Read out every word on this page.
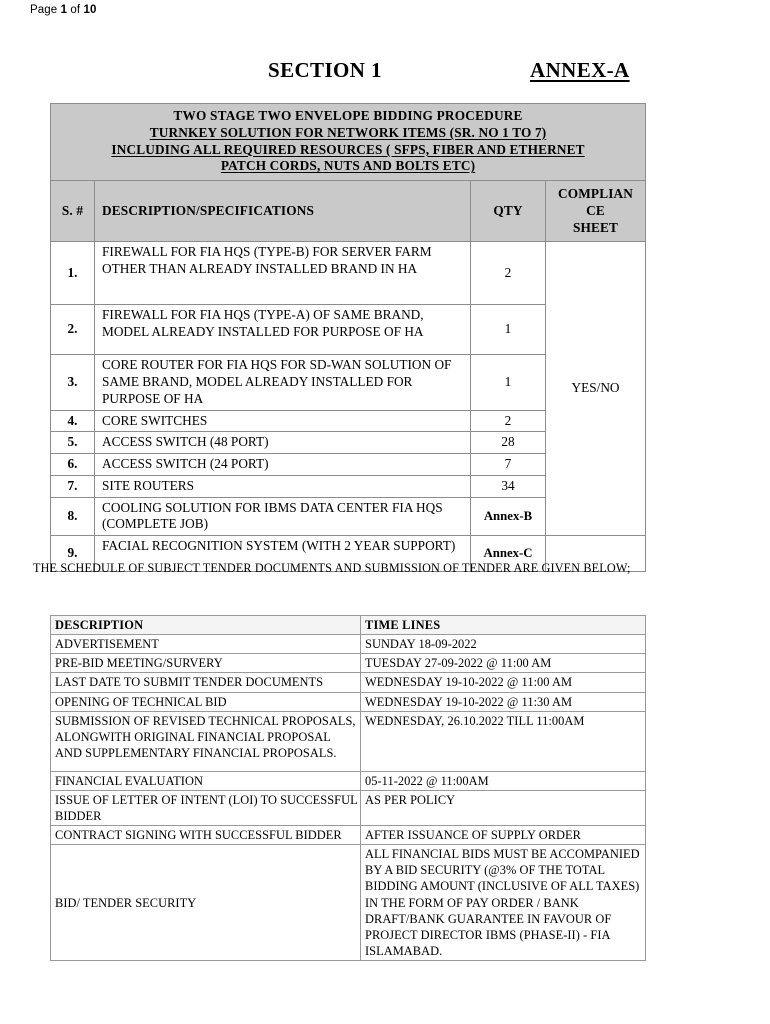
Page 1 of 10
SECTION 1	ANNEX-A
TWO STAGE TWO ENVELOPE BIDDING PROCEDURE
TURNKEY SOLUTION FOR NETWORK ITEMS (SR. NO 1 TO 7)
INCLUDING ALL REQUIRED RESOURCES ( SFPS, FIBER AND ETHERNET
PATCH CORDS, NUTS AND BOLTS ETC)			

S. #	DESCRIPTION/SPECIFICATIONS	QTY	COMPLIAN
CE
SHEET

1.	FIREWALL FOR FIA HQS (TYPE-B) FOR SERVER FARM OTHER THAN ALREADY INSTALLED BRAND IN HA	2	YES/NO
2.	FIREWALL FOR FIA HQS (TYPE-A) OF SAME BRAND, MODEL ALREADY INSTALLED FOR PURPOSE OF HA	1	
3.	CORE ROUTER FOR FIA HQS FOR SD-WAN SOLUTION OF SAME BRAND, MODEL ALREADY INSTALLED FOR PURPOSE OF HA	1	
4.	CORE SWITCHES	2	
5.	ACCESS SWITCH (48 PORT)	28	
6.	ACCESS SWITCH (24 PORT)	7	
7.	SITE ROUTERS	34	
8.	COOLING SOLUTION FOR IBMS DATA CENTER FIA HQS (COMPLETE JOB)	Annex-B	
9.	FACIAL RECOGNITION SYSTEM (WITH 2 YEAR SUPPORT)	Annex-C	
THE SCHEDULE OF SUBJECT TENDER DOCUMENTS AND SUBMISSION OF TENDER ARE GIVEN BELOW;
DESCRIPTION	TIME LINES
ADVERTISEMENT	SUNDAY 18-09-2022
PRE-BID MEETING/SURVERY	TUESDAY 27-09-2022 @ 11:00 AM
LAST DATE TO SUBMIT TENDER DOCUMENTS	WEDNESDAY 19-10-2022 @ 11:00 AM
OPENING OF TECHNICAL BID	WEDNESDAY 19-10-2022 @ 11:30 AM
SUBMISSION OF REVISED TECHNICAL PROPOSALS, ALONGWITH ORIGINAL FINANCIAL PROPOSAL AND SUPPLEMENTARY FINANCIAL PROPOSALS.	WEDNESDAY, 26.10.2022 TILL 11:00AM
FINANCIAL EVALUATION	05-11-2022 @ 11:00AM
ISSUE OF LETTER OF INTENT (LOI) TO SUCCESSFUL BIDDER	AS PER POLICY
CONTRACT SIGNING WITH SUCCESSFUL BIDDER	AFTER ISSUANCE OF SUPPLY ORDER
BID/ TENDER SECURITY	ALL FINANCIAL BIDS MUST BE ACCOMPANIED BY A BID SECURITY (@3% OF THE TOTAL BIDDING AMOUNT (INCLUSIVE OF ALL TAXES) IN THE FORM OF PAY ORDER / BANK DRAFT/BANK GUARANTEE IN FAVOUR OF PROJECT DIRECTOR IBMS (PHASE-II) - FIA ISLAMABAD.
